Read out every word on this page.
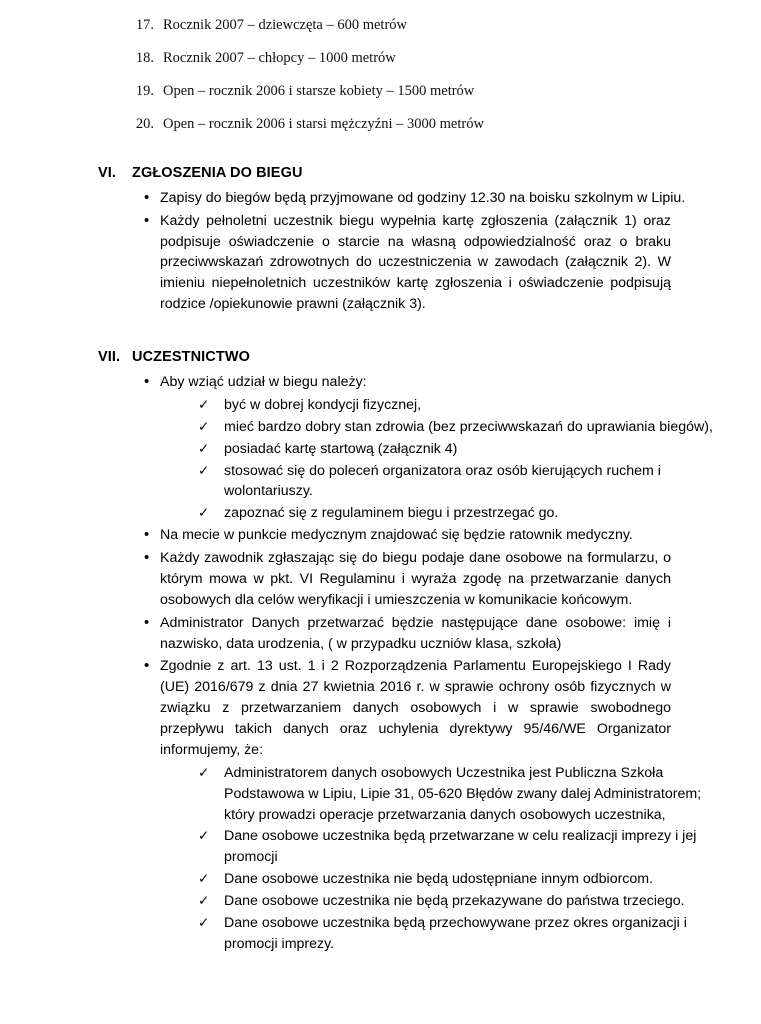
17. Rocznik 2007 – dziewczęta – 600 metrów
18. Rocznik 2007 – chłopcy – 1000 metrów
19. Open – rocznik 2006 i starsze kobiety – 1500 metrów
20. Open – rocznik 2006 i starsi mężczyźni – 3000 metrów
VI.	ZGŁOSZENIA DO BIEGU
• Zapisy do biegów będą przyjmowane od godziny 12.30 na boisku szkolnym w Lipiu.
• Każdy pełnoletni uczestnik biegu wypełnia kartę zgłoszenia (załącznik 1) oraz podpisuje oświadczenie o starcie na własną odpowiedzialność oraz o braku przeciwwskazań zdrowotnych do uczestniczenia w zawodach (załącznik 2). W imieniu niepełnoletnich uczestników kartę zgłoszenia i oświadczenie podpisują rodzice /opiekunowie prawni (załącznik 3).
VII. UCZESTNICTWO
• Aby wziąć udział w biegu należy:
✓ być w dobrej kondycji fizycznej,
✓ mieć bardzo dobry stan zdrowia (bez przeciwwskazań do uprawiania biegów),
✓ posiadać kartę startową (załącznik 4)
✓ stosować się do poleceń organizatora oraz osób kierujących ruchem i wolontariuszy.
✓ zapoznać się z regulaminem biegu i przestrzegać go.
• Na mecie w punkcie medycznym znajdować się będzie ratownik medyczny.
• Każdy zawodnik zgłaszając się do biegu podaje dane osobowe na formularzu, o którym mowa w pkt. VI Regulaminu i wyraża zgodę na przetwarzanie danych osobowych dla celów weryfikacji i umieszczenia w komunikacie końcowym.
• Administrator Danych przetwarzać będzie następujące dane osobowe: imię i nazwisko, data urodzenia, ( w przypadku uczniów klasa, szkoła)
• Zgodnie z art. 13 ust. 1 i 2 Rozporządzenia Parlamentu Europejskiego I Rady (UE) 2016/679 z dnia 27 kwietnia 2016 r. w sprawie ochrony osób fizycznych w związku z przetwarzaniem danych osobowych i w sprawie swobodnego przepływu takich danych oraz uchylenia dyrektywy 95/46/WE Organizator informujemy, że:
✓ Administratorem danych osobowych Uczestnika jest Publiczna Szkoła Podstawowa w Lipiu, Lipie 31, 05-620 Błędów zwany dalej Administratorem; który prowadzi operacje przetwarzania danych osobowych uczestnika,
✓ Dane osobowe uczestnika będą przetwarzane w celu realizacji imprezy i jej promocji
✓ Dane osobowe uczestnika nie będą udostępniane innym odbiorcom.
✓ Dane osobowe uczestnika nie będą przekazywane do państwa trzeciego.
✓ Dane osobowe uczestnika będą przechowywane przez okres organizacji i promocji imprezy.
